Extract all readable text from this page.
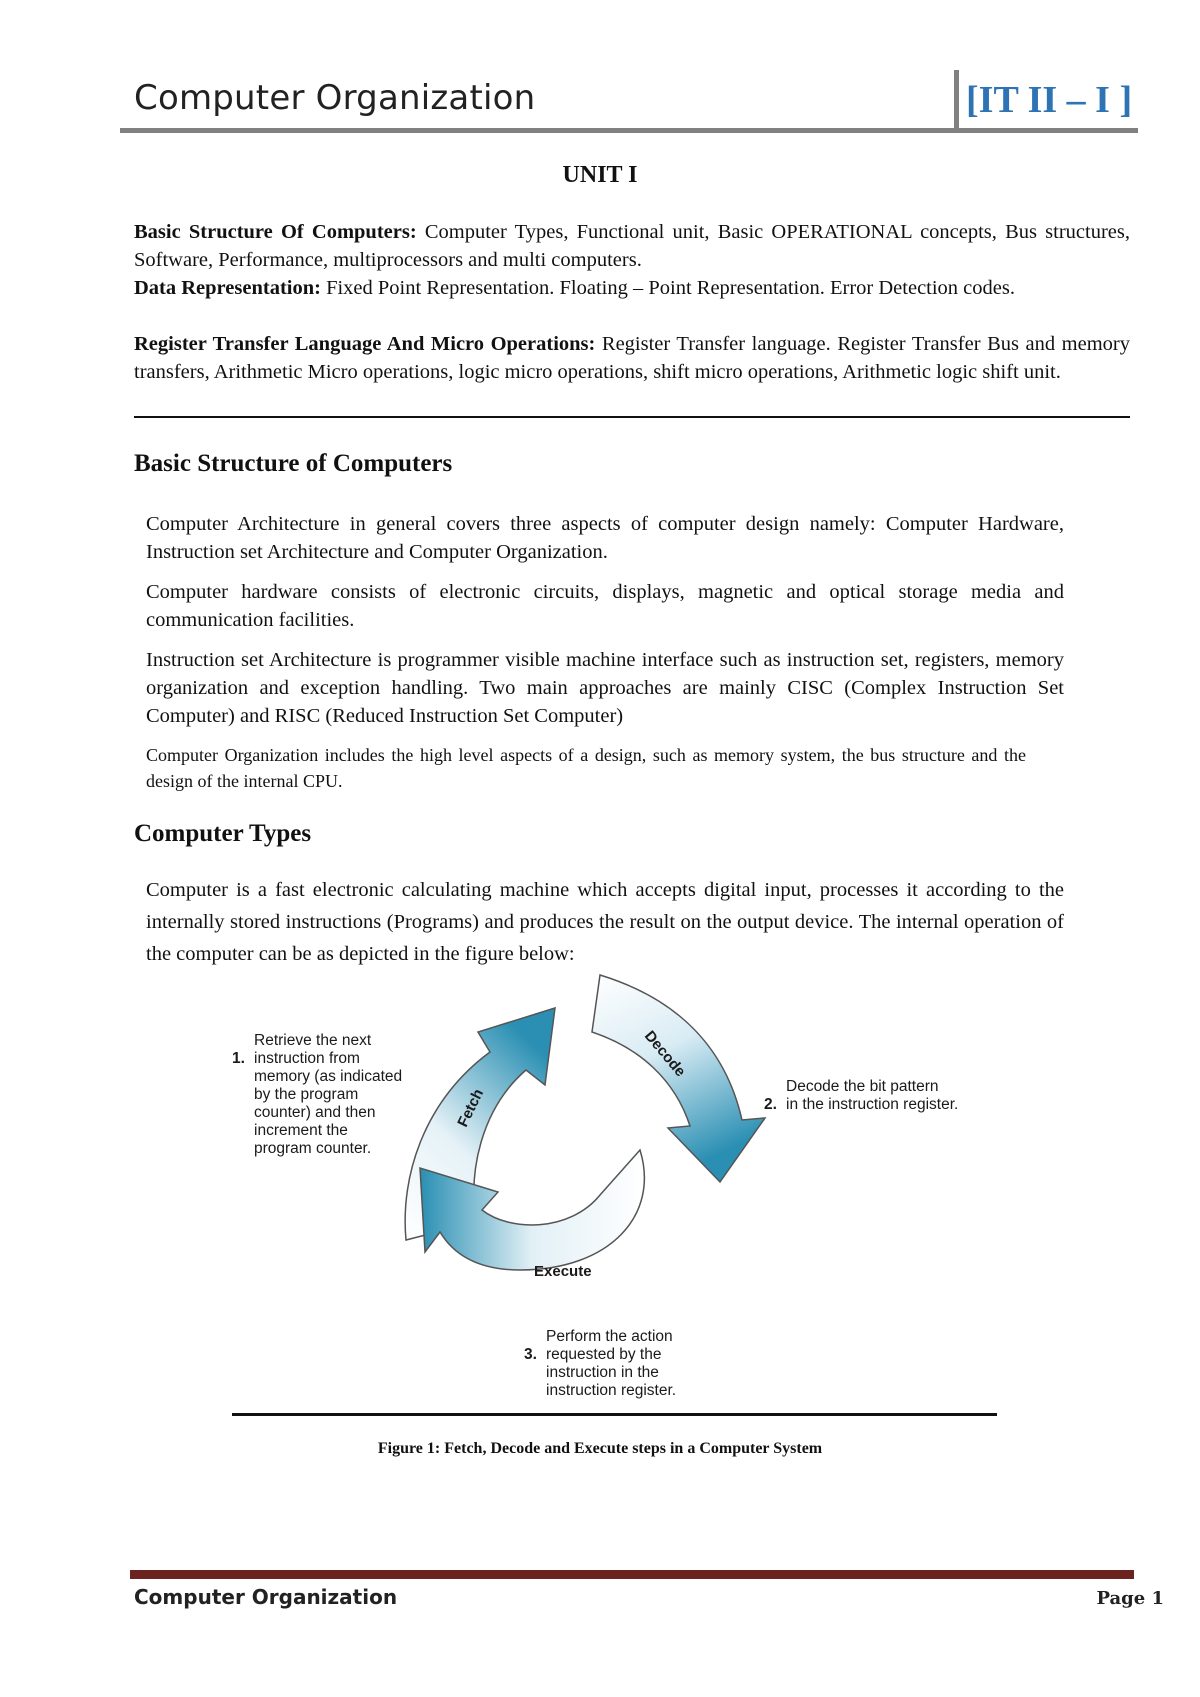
Computer Organization	[IT II – I ]
UNIT I
Basic Structure Of Computers: Computer Types, Functional unit, Basic OPERATIONAL concepts, Bus structures, Software, Performance, multiprocessors and multi computers.
Data Representation: Fixed Point Representation. Floating – Point Representation. Error Detection codes.
Register Transfer Language And Micro Operations: Register Transfer language. Register Transfer Bus and memory transfers, Arithmetic Micro operations, logic micro operations, shift micro operations, Arithmetic logic shift unit.
Basic Structure of Computers
Computer Architecture in general covers three aspects of computer design namely: Computer Hardware, Instruction set Architecture and Computer Organization.
Computer hardware consists of electronic circuits, displays, magnetic and optical storage media and communication facilities.
Instruction set Architecture is programmer visible machine interface such as instruction set, registers, memory organization and exception handling. Two main approaches are mainly CISC (Complex Instruction Set Computer) and RISC (Reduced Instruction Set Computer)
Computer Organization includes the high level aspects of a design, such as memory system, the bus structure and the design of the internal CPU.
Computer Types
Computer is a fast electronic calculating machine which accepts digital input, processes it according to the internally stored instructions (Programs) and produces the result on the output device. The internal operation of the computer can be as depicted in the figure below:
Fetch
Decode
Execute

1.

Retrieve the next
instruction from
memory (as indicated
by the program
counter) and then
increment the
program counter.

2.

Decode the bit pattern
in the instruction register.

3.

Perform the action
requested by the
instruction in the
instruction register.

Figure 1: Fetch, Decode and Execute steps in a Computer System
Computer Organization	Page 1
